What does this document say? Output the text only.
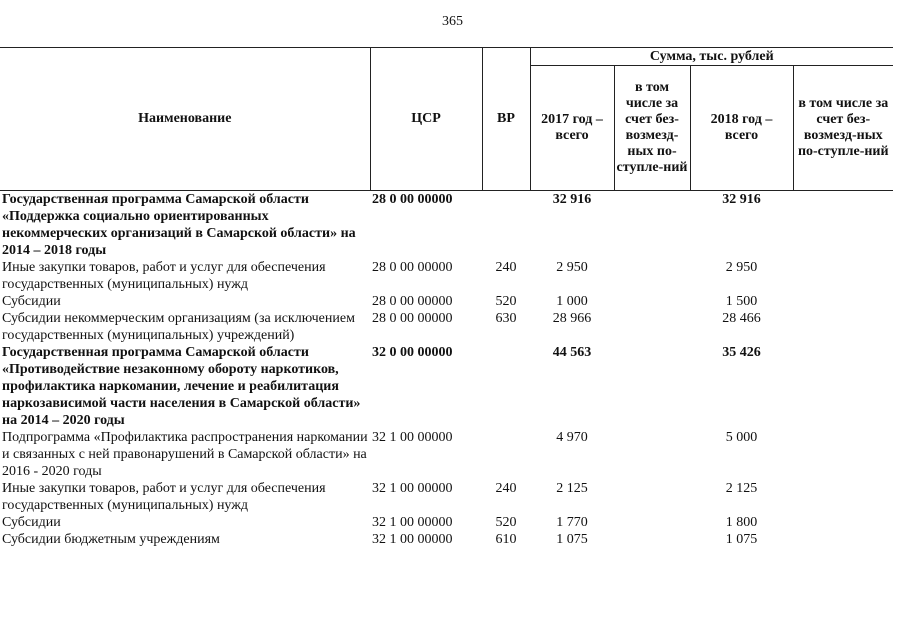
365
Наименование	ЦСР	ВР	Сумма, тыс. рублей			
			2017 год – всего	в том числе за счет без-возмезд-ных по-ступле-ний	2018 год – всего	в том числе за счет без-возмезд-ных по-ступле-ний
Государственная программа Самарской области «Поддержка социально ориентированных некоммерческих организаций в Самарской области» на 2014 – 2018 годы	28 0 00 00000		32 916		32 916	
Иные закупки товаров, работ и услуг для обеспечения государственных (муниципальных) нужд	28 0 00 00000	240	2 950		2 950	
Субсидии	28 0 00 00000	520	1 000		1 500	
Субсидии некоммерческим организациям (за исключением государственных (муниципальных) учреждений)	28 0 00 00000	630	28 966		28 466	
Государственная программа Самарской области «Противодействие незаконному обороту наркотиков, профилактика наркомании, лечение и реабилитация наркозависимой части населения в Самарской области» на 2014 – 2020 годы	32 0 00 00000		44 563		35 426	
Подпрограмма «Профилактика распространения наркомании и связанных с ней правонарушений в Самарской области» на 2016 - 2020 годы	32 1 00 00000		4 970		5 000	
Иные закупки товаров, работ и услуг для обеспечения государственных (муниципальных) нужд	32 1 00 00000	240	2 125		2 125	
Субсидии	32 1 00 00000	520	1 770		1 800	
Субсидии бюджетным учреждениям	32 1 00 00000	610	1 075		1 075	
